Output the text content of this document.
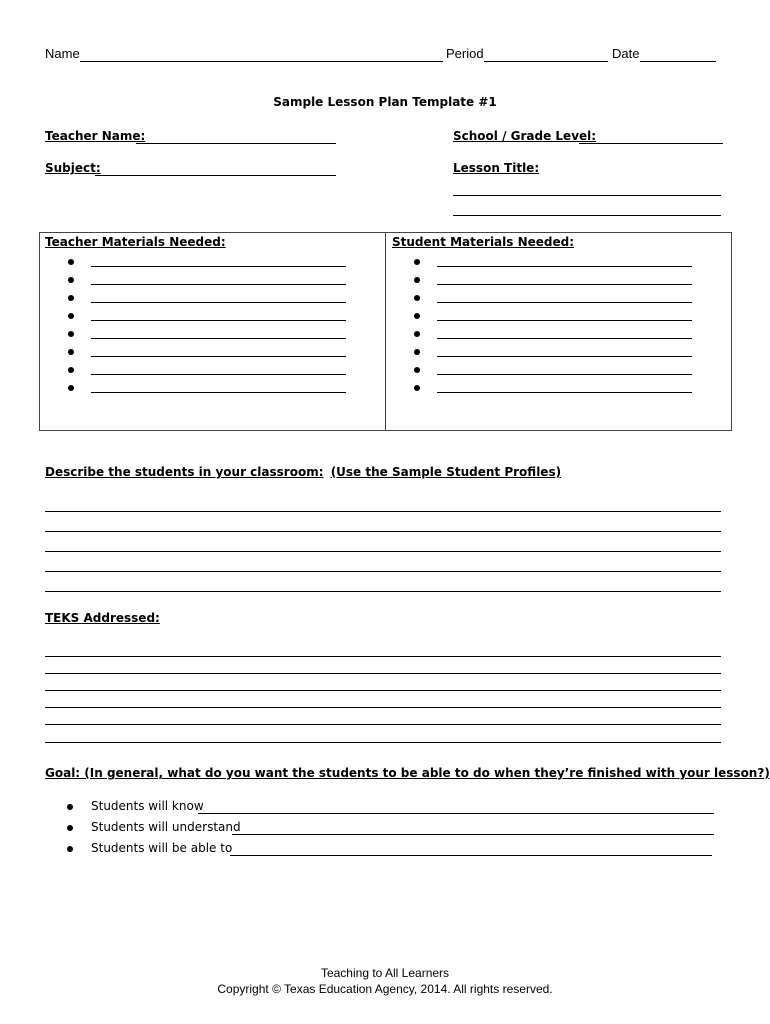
Name	Period	Date
Sample Lesson Plan Template #1
Teacher Name:	School / Grade Level:
Subject:	Lesson Title:
Teacher Materials Needed:	Student Materials Needed:
Describe the students in your classroom: (Use the Sample Student Profiles)
TEKS Addressed:
Goal: (In general, what do you want the students to be able to do when they’re finished with your lesson?)
Students will know
Students will understand
Students will be able to
Teaching to All Learners
Copyright © Texas Education Agency, 2014. All rights reserved.
